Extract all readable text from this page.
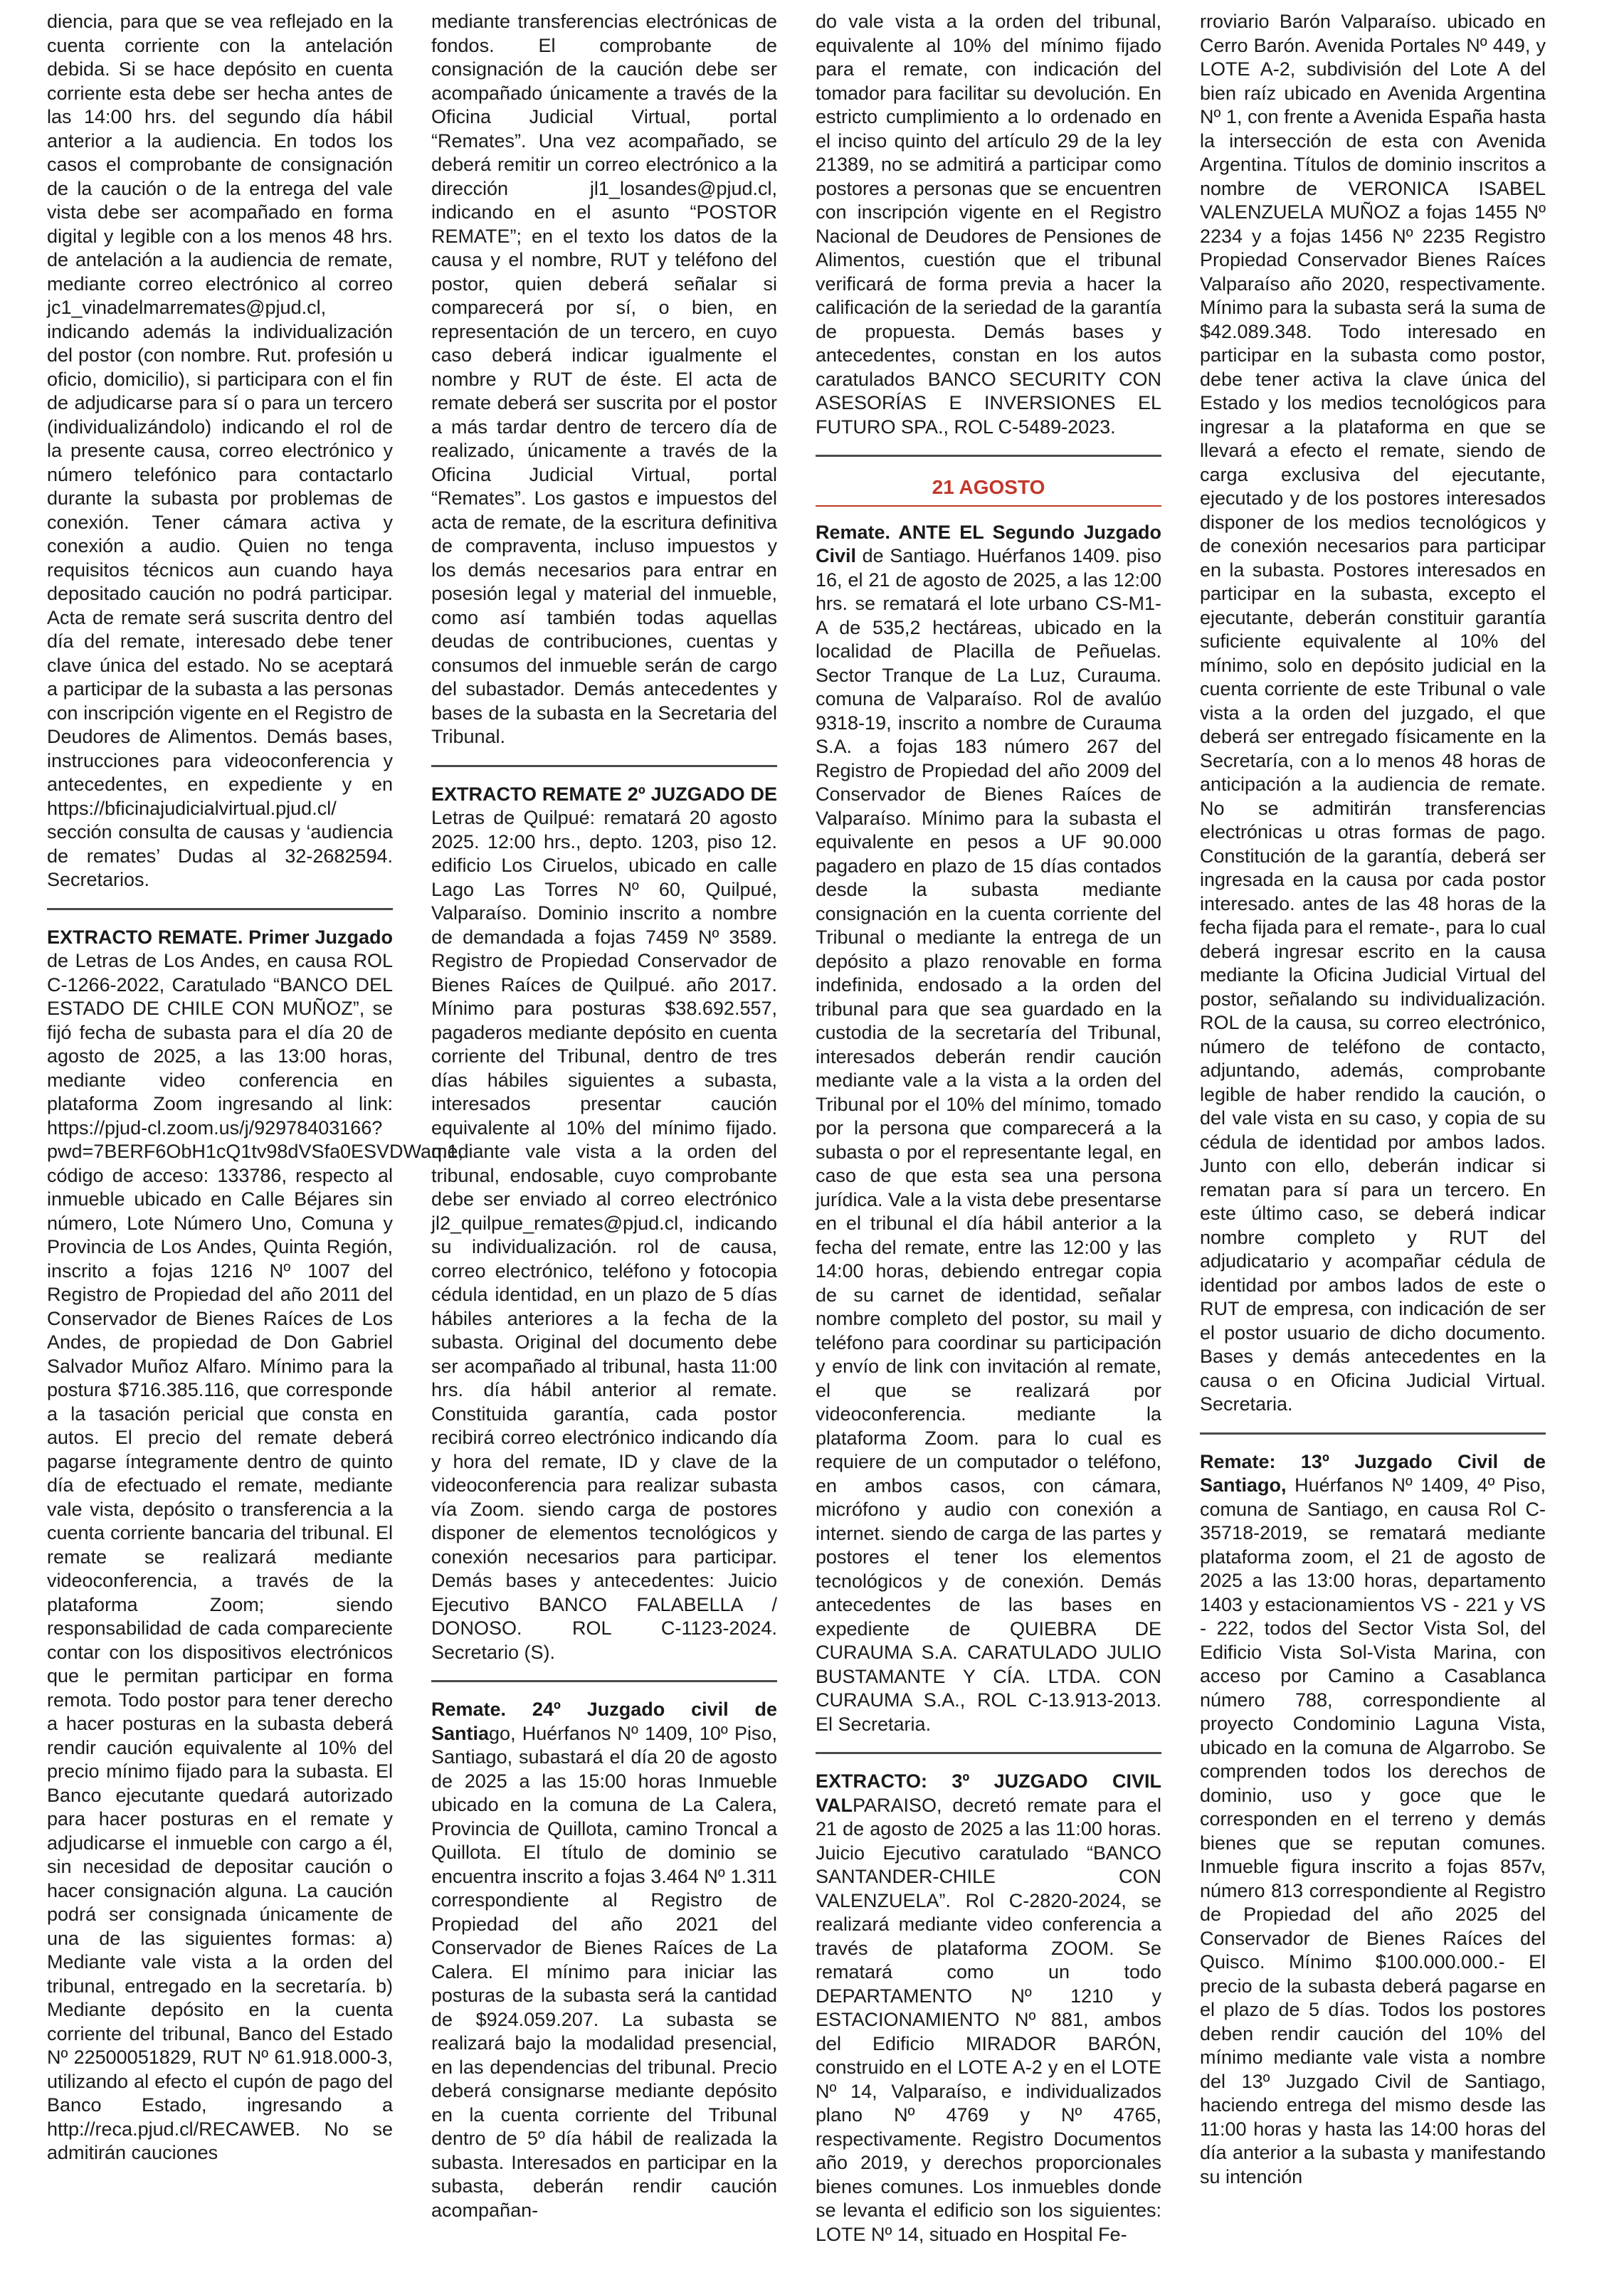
diencia, para que se vea reflejado en la cuenta corriente con la antelación debida. Si se hace depósito en cuenta corriente esta debe ser hecha antes de las 14:00 hrs. del segundo día hábil anterior a la audiencia. En todos los casos el comprobante de consignación de la caución o de la entrega del vale vista debe ser acompañado en forma digital y legible con a los menos 48 hrs. de antelación a la audiencia de remate, mediante correo electrónico al correo jc1_vinadelmarremates@pjud.cl, indicando además la individualización del postor (con nombre. Rut. profesión u oficio, domicilio), si participara con el fin de adjudicarse para sí o para un tercero (individualizándolo) indicando el rol de la presente causa, correo electrónico y número telefónico para contactarlo durante la subasta por problemas de conexión. Tener cámara activa y conexión a audio. Quien no tenga requisitos técnicos aun cuando haya depositado caución no podrá participar. Acta de remate será suscrita dentro del día del remate, interesado debe tener clave única del estado. No se aceptará a participar de la subasta a las personas con inscripción vigente en el Registro de Deudores de Alimentos. Demás bases, instrucciones para videoconferencia y antecedentes, en expediente y en https://bficinajudicialvirtual.pjud.cl/ sección consulta de causas y ‘audiencia de remates’ Dudas al 32-2682594. Secretarios.

EXTRACTO REMATE. Primer Juzgado de Letras de Los Andes, en causa ROL C-1266-2022, Caratulado “BANCO DEL ESTADO DE CHILE CON MUÑOZ”, se fijó fecha de subasta para el día 20 de agosto de 2025, a las 13:00 horas, mediante video conferencia en plataforma Zoom ingresando al link: https://pjud-cl.zoom.us/j/92978403166?pwd=7BERF6ObH1cQ1tv98dVSfa0ESVDWaq.1, código de acceso: 133786, respecto al inmueble ubicado en Calle Béjares sin número, Lote Número Uno, Comuna y Provincia de Los Andes, Quinta Región, inscrito a fojas 1216 Nº 1007 del Registro de Propiedad del año 2011 del Conservador de Bienes Raíces de Los Andes, de propiedad de Don Gabriel Salvador Muñoz Alfaro. Mínimo para la postura $716.385.116, que corresponde a la tasación pericial que consta en autos. El precio del remate deberá pagarse íntegramente dentro de quinto día de efectuado el remate, mediante vale vista, depósito o transferencia a la cuenta corriente bancaria del tribunal. El remate se realizará mediante videoconferencia, a través de la plataforma Zoom; siendo responsabilidad de cada compareciente contar con los dispositivos electrónicos que le permitan participar en forma remota. Todo postor para tener derecho a hacer posturas en la subasta deberá rendir caución equivalente al 10% del precio mínimo fijado para la subasta. El Banco ejecutante quedará autorizado para hacer posturas en el remate y adjudicarse el inmueble con cargo a él, sin necesidad de depositar caución o hacer consignación alguna. La caución podrá ser consignada únicamente de una de las siguientes formas: a) Mediante vale vista a la orden del tribunal, entregado en la secretaría. b) Mediante depósito en la cuenta corriente del tribunal, Banco del Estado Nº 22500051829, RUT Nº 61.918.000-3, utilizando al efecto el cupón de pago del Banco Estado, ingresando a http://reca.pjud.cl/RECAWEB. No se admitirán cauciones

mediante transferencias electrónicas de fondos. El comprobante de consignación de la caución debe ser acompañado únicamente a través de la Oficina Judicial Virtual, portal “Remates”. Una vez acompañado, se deberá remitir un correo electrónico a la dirección jl1_losandes@pjud.cl, indicando en el asunto “POSTOR REMATE”; en el texto los datos de la causa y el nombre, RUT y teléfono del postor, quien deberá señalar si comparecerá por sí, o bien, en representación de un tercero, en cuyo caso deberá indicar igualmente el nombre y RUT de éste. El acta de remate deberá ser suscrita por el postor a más tardar dentro de tercero día de realizado, únicamente a través de la Oficina Judicial Virtual, portal “Remates”. Los gastos e impuestos del acta de remate, de la escritura definitiva de compraventa, incluso impuestos y los demás necesarios para entrar en posesión legal y material del inmueble, como así también todas aquellas deudas de contribuciones, cuentas y consumos del inmueble serán de cargo del subastador. Demás antecedentes y bases de la subasta en la Secretaria del Tribunal.

EXTRACTO REMATE 2º JUZGADO DE Letras de Quilpué: rematará 20 agosto 2025. 12:00 hrs., depto. 1203, piso 12. edificio Los Ciruelos, ubicado en calle Lago Las Torres Nº 60, Quilpué, Valparaíso. Dominio inscrito a nombre de demandada a fojas 7459 Nº 3589. Registro de Propiedad Conservador de Bienes Raíces de Quilpué. año 2017. Mínimo para posturas $38.692.557, pagaderos mediante depósito en cuenta corriente del Tribunal, dentro de tres días hábiles siguientes a subasta, interesados presentar caución equivalente al 10% del mínimo fijado. mediante vale vista a la orden del tribunal, endosable, cuyo comprobante debe ser enviado al correo electrónico jl2_quilpue_remates@pjud.cl, indicando su individualización. rol de causa, correo electrónico, teléfono y fotocopia cédula identidad, en un plazo de 5 días hábiles anteriores a la fecha de la subasta. Original del documento debe ser acompañado al tribunal, hasta 11:00 hrs. día hábil anterior al remate. Constituida garantía, cada postor recibirá correo electrónico indicando día y hora del remate, ID y clave de la videoconferencia para realizar subasta vía Zoom. siendo carga de postores disponer de elementos tecnológicos y conexión necesarios para participar. Demás bases y antecedentes: Juicio Ejecutivo BANCO FALABELLA / DONOSO. ROL C-1123-2024. Secretario (S).

Remate. 24º Juzgado civil de Santiago, Huérfanos Nº 1409, 10º Piso, Santiago, subastará el día 20 de agosto de 2025 a las 15:00 horas Inmueble ubicado en la comuna de La Calera, Provincia de Quillota, camino Troncal a Quillota. El título de dominio se encuentra inscrito a fojas 3.464 Nº 1.311 correspondiente al Registro de Propiedad del año 2021 del Conservador de Bienes Raíces de La Calera. El mínimo para iniciar las posturas de la subasta será la cantidad de $924.059.207. La subasta se realizará bajo la modalidad presencial, en las dependencias del tribunal. Precio deberá consignarse mediante depósito en la cuenta corriente del Tribunal dentro de 5º día hábil de realizada la subasta. Interesados en participar en la subasta, deberán rendir caución acompañan-

do vale vista a la orden del tribunal, equivalente al 10% del mínimo fijado para el remate, con indicación del tomador para facilitar su devolución. En estricto cumplimiento a lo ordenado en el inciso quinto del artículo 29 de la ley 21389, no se admitirá a participar como postores a personas que se encuentren con inscripción vigente en el Registro Nacional de Deudores de Pensiones de Alimentos, cuestión que el tribunal verificará de forma previa a hacer la calificación de la seriedad de la garantía de propuesta. Demás bases y antecedentes, constan en los autos caratulados BANCO SECURITY CON ASESORÍAS E INVERSIONES EL FUTURO SPA., ROL C-5489-2023.

21 AGOSTO

Remate. ANTE EL Segundo Juzgado Civil de Santiago. Huérfanos 1409. piso 16, el 21 de agosto de 2025, a las 12:00 hrs. se rematará el lote urbano CS-M1-A de 535,2 hectáreas, ubicado en la localidad de Placilla de Peñuelas. Sector Tranque de La Luz, Curauma. comuna de Valparaíso. Rol de avalúo 9318-19, inscrito a nombre de Curauma S.A. a fojas 183 número 267 del Registro de Propiedad del año 2009 del Conservador de Bienes Raíces de Valparaíso. Mínimo para la subasta el equivalente en pesos a UF 90.000 pagadero en plazo de 15 días contados desde la subasta mediante consignación en la cuenta corriente del Tribunal o mediante la entrega de un depósito a plazo renovable en forma indefinida, endosado a la orden del tribunal para que sea guardado en la custodia de la secretaría del Tribunal, interesados deberán rendir caución mediante vale a la vista a la orden del Tribunal por el 10% del mínimo, tomado por la persona que comparecerá a la subasta o por el representante legal, en caso de que esta sea una persona jurídica. Vale a la vista debe presentarse en el tribunal el día hábil anterior a la fecha del remate, entre las 12:00 y las 14:00 horas, debiendo entregar copia de su carnet de identidad, señalar nombre completo del postor, su mail y teléfono para coordinar su participación y envío de link con invitación al remate, el que se realizará por videoconferencia. mediante la plataforma Zoom. para lo cual es requiere de un computador o teléfono, en ambos casos, con cámara, micrófono y audio con conexión a internet. siendo de carga de las partes y postores el tener los elementos tecnológicos y de conexión. Demás antecedentes de las bases en expediente de QUIEBRA DE CURAUMA S.A. CARATULADO JULIO BUSTAMANTE Y CÍA. LTDA. CON CURAUMA S.A., ROL C-13.913-2013. El Secretaria.

EXTRACTO: 3º JUZGADO CIVIL VALPARAISO, decretó remate para el 21 de agosto de 2025 a las 11:00 horas. Juicio Ejecutivo caratulado “BANCO SANTANDER-CHILE CON VALENZUELA”. Rol C-2820-2024, se realizará mediante video conferencia a través de plataforma ZOOM. Se rematará como un todo DEPARTAMENTO Nº 1210 y ESTACIONAMIENTO Nº 881, ambos del Edificio MIRADOR BARÓN, construido en el LOTE A-2 y en el LOTE Nº 14, Valparaíso, e individualizados plano Nº 4769 y Nº 4765, respectivamente. Registro Documentos año 2019, y derechos proporcionales bienes comunes. Los inmuebles donde se levanta el edificio son los siguientes: LOTE Nº 14, situado en Hospital Fe-

rroviario Barón Valparaíso. ubicado en Cerro Barón. Avenida Portales Nº 449, y LOTE A-2, subdivisión del Lote A del bien raíz ubicado en Avenida Argentina Nº 1, con frente a Avenida España hasta la intersección de esta con Avenida Argentina. Títulos de dominio inscritos a nombre de VERONICA ISABEL VALENZUELA MUÑOZ a fojas 1455 Nº 2234 y a fojas 1456 Nº 2235 Registro Propiedad Conservador Bienes Raíces Valparaíso año 2020, respectivamente. Mínimo para la subasta será la suma de $42.089.348. Todo interesado en participar en la subasta como postor, debe tener activa la clave única del Estado y los medios tecnológicos para ingresar a la plataforma en que se llevará a efecto el remate, siendo de carga exclusiva del ejecutante, ejecutado y de los postores interesados disponer de los medios tecnológicos y de conexión necesarios para participar en la subasta. Postores interesados en participar en la subasta, excepto el ejecutante, deberán constituir garantía suficiente equivalente al 10% del mínimo, solo en depósito judicial en la cuenta corriente de este Tribunal o vale vista a la orden del juzgado, el que deberá ser entregado físicamente en la Secretaría, con a lo menos 48 horas de anticipación a la audiencia de remate. No se admitirán transferencias electrónicas u otras formas de pago. Constitución de la garantía, deberá ser ingresada en la causa por cada postor interesado. antes de las 48 horas de la fecha fijada para el remate-, para lo cual deberá ingresar escrito en la causa mediante la Oficina Judicial Virtual del postor, señalando su individualización. ROL de la causa, su correo electrónico, número de teléfono de contacto, adjuntando, además, comprobante legible de haber rendido la caución, o del vale vista en su caso, y copia de su cédula de identidad por ambos lados. Junto con ello, deberán indicar si rematan para sí para un tercero. En este último caso, se deberá indicar nombre completo y RUT del adjudicatario y acompañar cédula de identidad por ambos lados de este o RUT de empresa, con indicación de ser el postor usuario de dicho documento. Bases y demás antecedentes en la causa o en Oficina Judicial Virtual. Secretaria.

Remate: 13º Juzgado Civil de Santiago, Huérfanos Nº 1409, 4º Piso, comuna de Santiago, en causa Rol C-35718-2019, se rematará mediante plataforma zoom, el 21 de agosto de 2025 a las 13:00 horas, departamento 1403 y estacionamientos VS - 221 y VS - 222, todos del Sector Vista Sol, del Edificio Vista Sol-Vista Marina, con acceso por Camino a Casablanca número 788, correspondiente al proyecto Condominio Laguna Vista, ubicado en la comuna de Algarrobo. Se comprenden todos los derechos de dominio, uso y goce que le corresponden en el terreno y demás bienes que se reputan comunes. Inmueble figura inscrito a fojas 857v, número 813 correspondiente al Registro de Propiedad del año 2025 del Conservador de Bienes Raíces del Quisco. Mínimo $100.000.000.- El precio de la subasta deberá pagarse en el plazo de 5 días. Todos los postores deben rendir caución del 10% del mínimo mediante vale vista a nombre del 13º Juzgado Civil de Santiago, haciendo entrega del mismo desde las 11:00 horas y hasta las 14:00 horas del día anterior a la subasta y manifestando su intención
